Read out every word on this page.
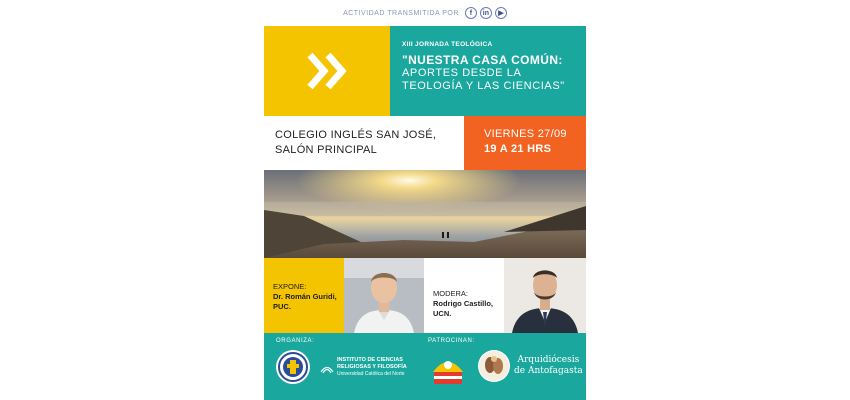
ACTIVIDAD TRANSMITIDA POR	f	in	▶
XIII JORNADA TEOLÓGICA
"NUESTRA CASA COMÚN:
APORTES DESDE LA
TEOLOGÍA Y LAS CIENCIAS"
COLEGIO INGLÉS SAN JOSÉ,
SALÓN PRINCIPAL
VIERNES 27/09
19 A 21 HRS
EXPONE:
Dr. Román Guridi,
PUC.
MODERA:
Rodrigo Castillo,
UCN.
ORGANIZA:	PATROCINAN:
INSTITUTO DE CIENCIAS
RELIGIOSAS Y FILOSOFÍA
Universidad Católica del Norte
Arquidiócesis
de Antofagasta
